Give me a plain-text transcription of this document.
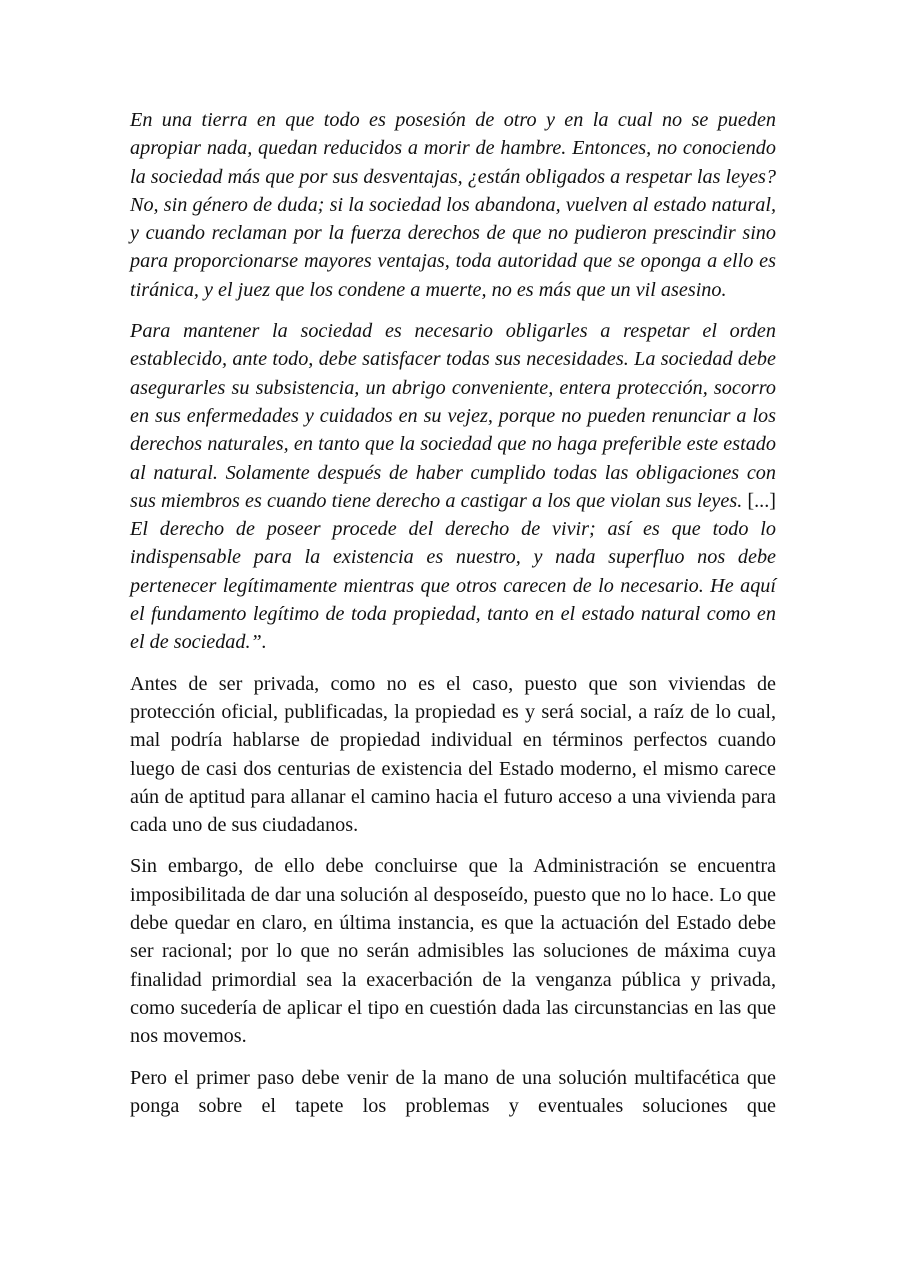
En una tierra en que todo es posesión de otro y en la cual no se pueden apropiar nada, quedan reducidos a morir de hambre. Entonces, no conociendo la sociedad más que por sus desventajas, ¿están obligados a respetar las leyes? No, sin género de duda; si la sociedad los abandona, vuelven al estado natural, y cuando reclaman por la fuerza derechos de que no pudieron prescindir sino para proporcionarse mayores ventajas, toda autoridad que se oponga a ello es tiránica, y el juez que los condene a muerte, no es más que un vil asesino.

Para mantener la sociedad es necesario obligarles a respetar el orden establecido, ante todo, debe satisfacer todas sus necesidades. La sociedad debe asegurarles su subsistencia, un abrigo conveniente, entera protección, socorro en sus enfermedades y cuidados en su vejez, porque no pueden renunciar a los derechos naturales, en tanto que la sociedad que no haga preferible este estado al natural. Solamente después de haber cumplido todas las obligaciones con sus miembros es cuando tiene derecho a castigar a los que violan sus leyes. [...] El derecho de poseer procede del derecho de vivir; así es que todo lo indispensable para la existencia es nuestro, y nada superfluo nos debe pertenecer legítimamente mientras que otros carecen de lo necesario. He aquí el fundamento legítimo de toda propiedad, tanto en el estado natural como en el de sociedad.”.

Antes de ser privada, como no es el caso, puesto que son viviendas de protección oficial, publificadas, la propiedad es y será social, a raíz de lo cual, mal podría hablarse de propiedad individual en términos perfectos cuando luego de casi dos centurias de existencia del Estado moderno, el mismo carece aún de aptitud para allanar el camino hacia el futuro acceso a una vivienda para cada uno de sus ciudadanos.

Sin embargo, de ello debe concluirse que la Administración se encuentra imposibilitada de dar una solución al desposeído, puesto que no lo hace. Lo que debe quedar en claro, en última instancia, es que la actuación del Estado debe ser racional; por lo que no serán admisibles las soluciones de máxima cuya finalidad primordial sea la exacerbación de la venganza pública y privada, como sucedería de aplicar el tipo en cuestión dada las circunstancias en las que nos movemos.

Pero el primer paso debe venir de la mano de una solución multifacética que ponga sobre el tapete los problemas y eventuales soluciones que
